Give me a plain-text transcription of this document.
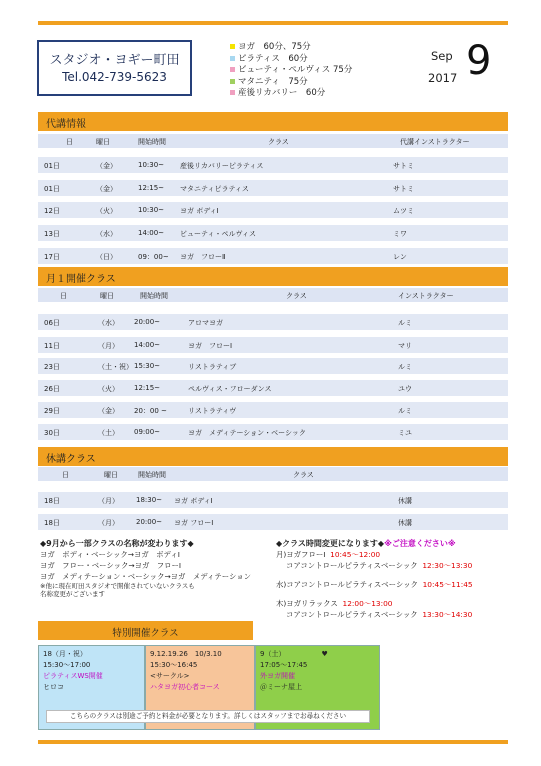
スタジオ・ヨギー町田
Tel.042-739-5623
ヨガ　60分、75分
ピラティス　60分
ビューティ・ペルヴィス 75分
マタニティ　75分
産後リカバリー　60分
Sep
2017 9
代講情報
日	曜日	開始時間	クラス	代講インストラクター
01日	（金）	10:30~ 産後リカバリーピラティス	サトミ
01日	（金）	12:15~ マタニティピラティス	サトミ
12日	（火）	10:30~ ヨガ ボディⅠ	ムツミ
13日	（水）	14:00~ ビューティ・ペルヴィス	ミワ
17日	（日）	09：00~ ヨガ　フローⅡ	レン
月１開催クラス
日	曜日	開始時間	クラス	インストラクター
06日	（水） 20:00~	アロマヨガ	ルミ
11日	（月） 14:00~	ヨガ　フローⅠ	マリ
23日	（土・祝） 15:30~	リストラティブ	ルミ
26日	（火） 12:15~	ペルヴィス・フローダンス	ユウ
29日	（金） 20：00 ~	リストラティヴ	ルミ
30日	（土） 09:00~	ヨガ　メディテーション・ベーシック	ミユ
休講クラス
日	曜日	開始時間	クラス
18日	（月） 18:30~ ヨガ ボディⅠ	休講
18日	（月） 20:00~ ヨガ フローⅠ	休講
◆9月から一部クラスの名称が変わります◆
ヨガ　ボディ・ベーシック→ヨガ　ボディⅠ
ヨガ　フロー・ベーシック→ヨガ　フローⅠ
ヨガ　メディテーション・ベーシック→ヨガ　メディテーション
※他に現在町田スタジオで開催されていないクラスも
名称変更がございます
◆クラス時間変更になります◆※ご注意ください※
月)ヨガフローⅠ 10:45～12:00
コアコントロールピラティスベーシック 12:30～13:30
水)コアコントロールピラティスベーシック 10:45～11:45
木)ヨガリラックス 12:00～13:00
コアコントロールピラティスベーシック 13:30～14:30
特別開催クラス
18（月・祝）
15:30～17:00
ピラティスWS開催
ヒロコ
9.12.19.26　10/3.10
15:30～16:45
<サークル>
ハタヨガ初心者コース
9（土）	♥
17:05～17:45
外ヨガ開催
＠ミーナ屋上
こちらのクラスは別途ご予約と料金が必要となります。詳しくはスタッフまでお尋ねください
